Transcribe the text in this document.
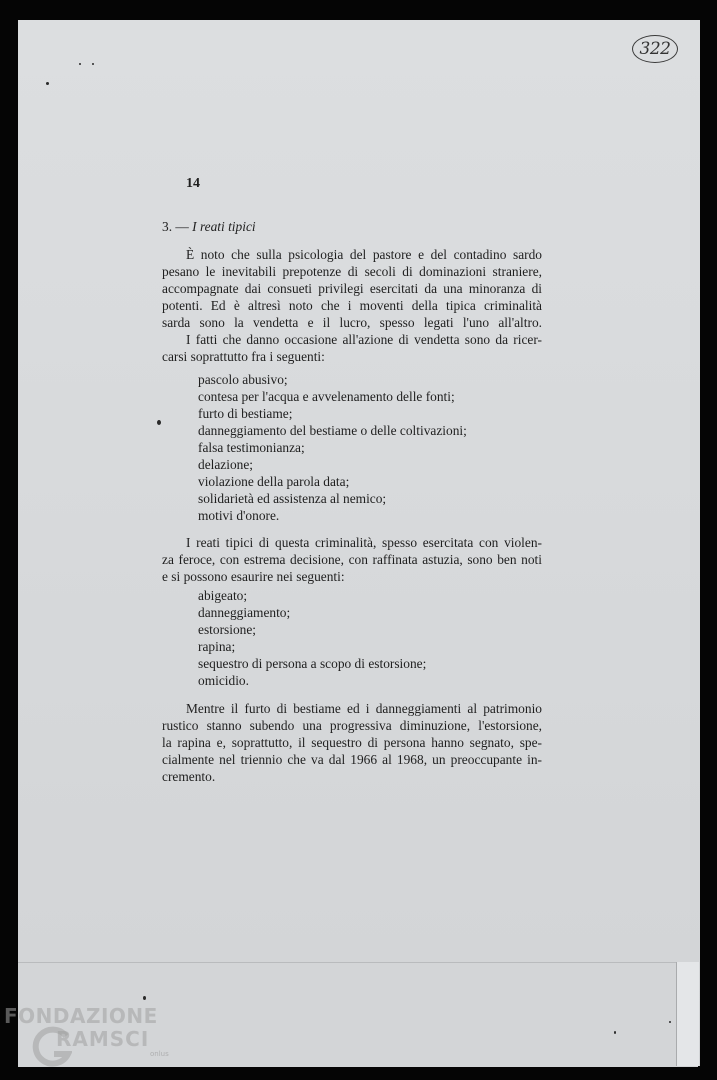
322
14
3. — I reati tipici
È noto che sulla psicologia del pastore e del contadino sardo
pesano le inevitabili prepotenze di secoli di dominazioni straniere,
accompagnate dai consueti privilegi esercitati da una minoranza di
potenti. Ed è altresì noto che i moventi della tipica criminalità
sarda sono la vendetta e il lucro, spesso legati l'uno all'altro.
I fatti che danno occasione all'azione di vendetta sono da ricer-
carsi soprattutto fra i seguenti:
pascolo abusivo;
contesa per l'acqua e avvelenamento delle fonti;
furto di bestiame;
danneggiamento del bestiame o delle coltivazioni;
falsa testimonianza;
delazione;
violazione della parola data;
solidarietà ed assistenza al nemico;
motivi d'onore.
I reati tipici di questa criminalità, spesso esercitata con violen-
za feroce, con estrema decisione, con raffinata astuzia, sono ben noti
e si possono esaurire nei seguenti:
abigeato;
danneggiamento;
estorsione;
rapina;
sequestro di persona a scopo di estorsione;
omicidio.
Mentre il furto di bestiame ed i danneggiamenti al patrimonio
rustico stanno subendo una progressiva diminuzione, l'estorsione,
la rapina e, soprattutto, il sequestro di persona hanno segnato, spe-
cialmente nel triennio che va dal 1966 al 1968, un preoccupante in-
cremento.
FONDAZIONE
RAMSCI
onlus
